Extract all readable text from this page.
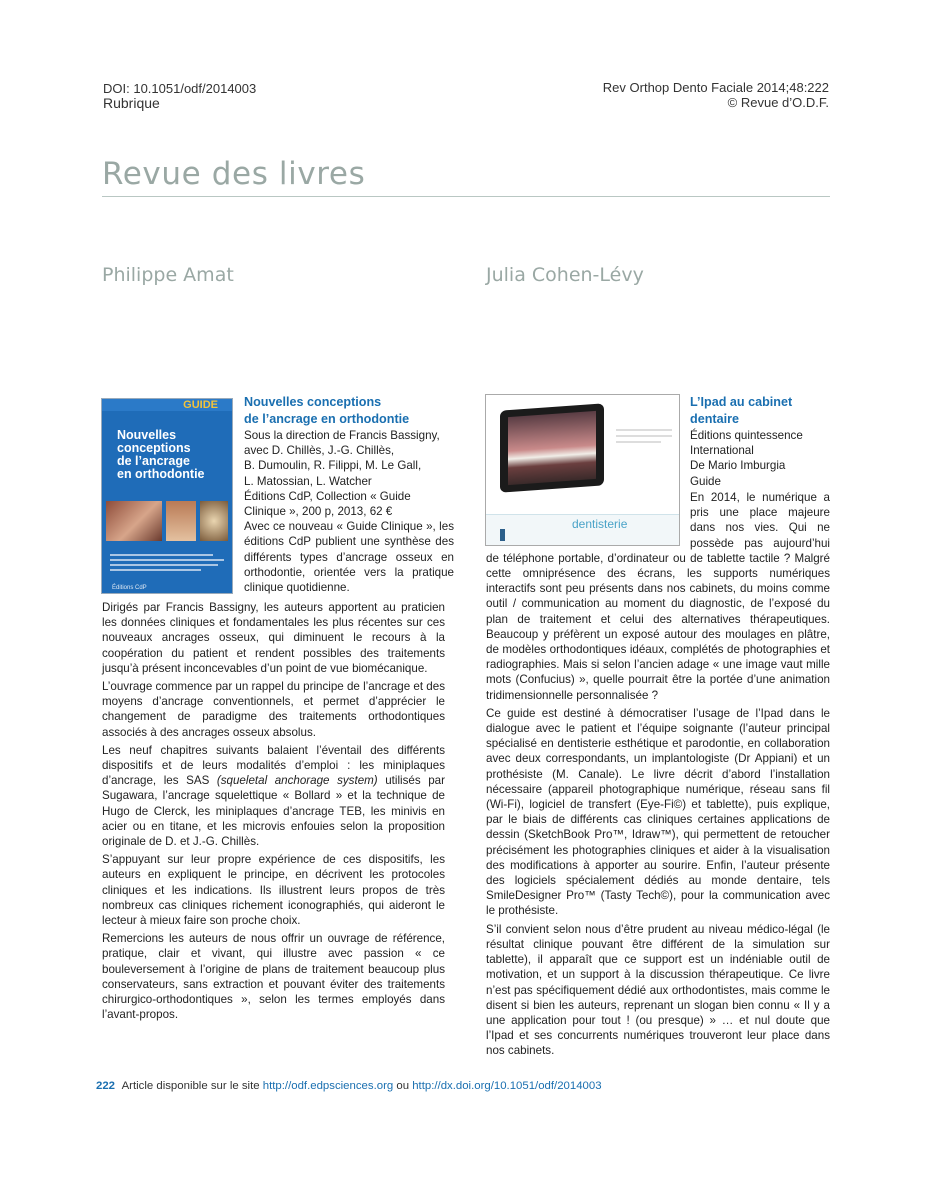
DOI: 10.1051/odf/2014003
Rubrique
Rev Orthop Dento Faciale 2014;48:222
© Revue d’O.D.F.
Revue des livres
Philippe Amat	Julia Cohen-Lévy
GUIDE
Nouvelles
conceptions
de l’ancrage
en orthodontie
Éditions CdP
Nouvelles conceptions
de l’ancrage en orthodontie
Sous la direction de Francis Bassigny,
avec D. Chillès, J.-G. Chillès,
B. Dumoulin, R. Filippi, M. Le Gall,
L. Matossian, L. Watcher
Éditions CdP, Collection « Guide
Clinique », 200 p, 2013, 62 €

Avec ce nouveau « Guide Clinique », les éditions CdP publient une synthèse des différents types d’ancrage osseux en orthodontie, orientée vers la pratique clinique quotidienne.

Dirigés par Francis Bassigny, les auteurs apportent au praticien les données cliniques et fondamentales les plus récentes sur ces nouveaux ancrages osseux, qui diminuent le recours à la coopération du patient et rendent possibles des traitements jusqu’à présent inconcevables d’un point de vue biomécanique.

L’ouvrage commence par un rappel du principe de l’ancrage et des moyens d’ancrage conventionnels, et permet d’apprécier le changement de paradigme des traitements orthodontiques associés à des ancrages osseux absolus.

Les neuf chapitres suivants balaient l’éventail des différents dispositifs et de leurs modalités d’emploi : les miniplaques d’ancrage, les SAS (squeletal anchorage system) utilisés par Sugawara, l’ancrage squelettique « Bollard » et la technique de Hugo de Clerck, les miniplaques d’ancrage TEB, les minivis en acier ou en titane, et les microvis enfouies selon la proposition originale de D. et J.-G. Chillès.

S’appuyant sur leur propre expérience de ces dispositifs, les auteurs en expliquent le principe, en décrivent les protocoles cliniques et les indications. Ils illustrent leurs propos de très nombreux cas cliniques richement iconographiés, qui aideront le lecteur à mieux faire son proche choix.

Remercions les auteurs de nous offrir un ouvrage de référence, pratique, clair et vivant, qui illustre avec passion « ce bouleversement à l’origine de plans de traitement beaucoup plus conservateurs, sans extraction et pouvant éviter des traitements chirurgico-orthodontiques », selon les termes employés dans l’avant-propos.

dentisterie
L’Ipad au cabinet
dentaire
Éditions quintessence
International
De Mario Imburgia
Guide

En 2014, le numérique a pris une place majeure dans nos vies. Qui ne possède pas aujourd’hui de téléphone portable, d’ordinateur ou de tablette tactile ? Malgré cette omniprésence des écrans, les supports numériques interactifs sont peu présents dans nos cabinets, du moins comme outil / communication au moment du diagnostic, de l’exposé du plan de traitement et celui des alternatives thérapeutiques. Beaucoup y préfèrent un exposé autour des moulages en plâtre, de modèles orthodontiques idéaux, complétés de photographies et radiographies. Mais si selon l’ancien adage « une image vaut mille mots (Confucius) », quelle pourrait être la portée d’une animation tridimensionnelle personnalisée ?

Ce guide est destiné à démocratiser l’usage de l’Ipad dans le dialogue avec le patient et l’équipe soignante (l’auteur principal spécialisé en dentisterie esthétique et parodontie, en collaboration avec deux correspondants, un implantologiste (Dr Appiani) et un prothésiste (M. Canale). Le livre décrit d’abord l’installation nécessaire (appareil photographique numérique, réseau sans fil (Wi-Fi), logiciel de transfert (Eye-Fi©) et tablette), puis explique, par le biais de différents cas cliniques certaines applications de dessin (SketchBook Pro™, Idraw™), qui permettent de retoucher précisément les photographies cliniques et aider à la visualisation des modifications à apporter au sourire. Enfin, l’auteur présente des logiciels spécialement dédiés au monde dentaire, tels SmileDesigner Pro™ (Tasty Tech©), pour la communication avec le prothésiste.

S’il convient selon nous d’être prudent au niveau médico-légal (le résultat clinique pouvant être différent de la simulation sur tablette), il apparaît que ce support est un indéniable outil de motivation, et un support à la discussion thérapeutique. Ce livre n’est pas spécifiquement dédié aux orthodontistes, mais comme le disent si bien les auteurs, reprenant un slogan bien connu « Il y a une application pour tout ! (ou presque) » … et nul doute que l’Ipad et ses concurrents numériques trouveront leur place dans nos cabinets.

222 Article disponible sur le site http://odf.edpsciences.org ou http://dx.doi.org/10.1051/odf/2014003
